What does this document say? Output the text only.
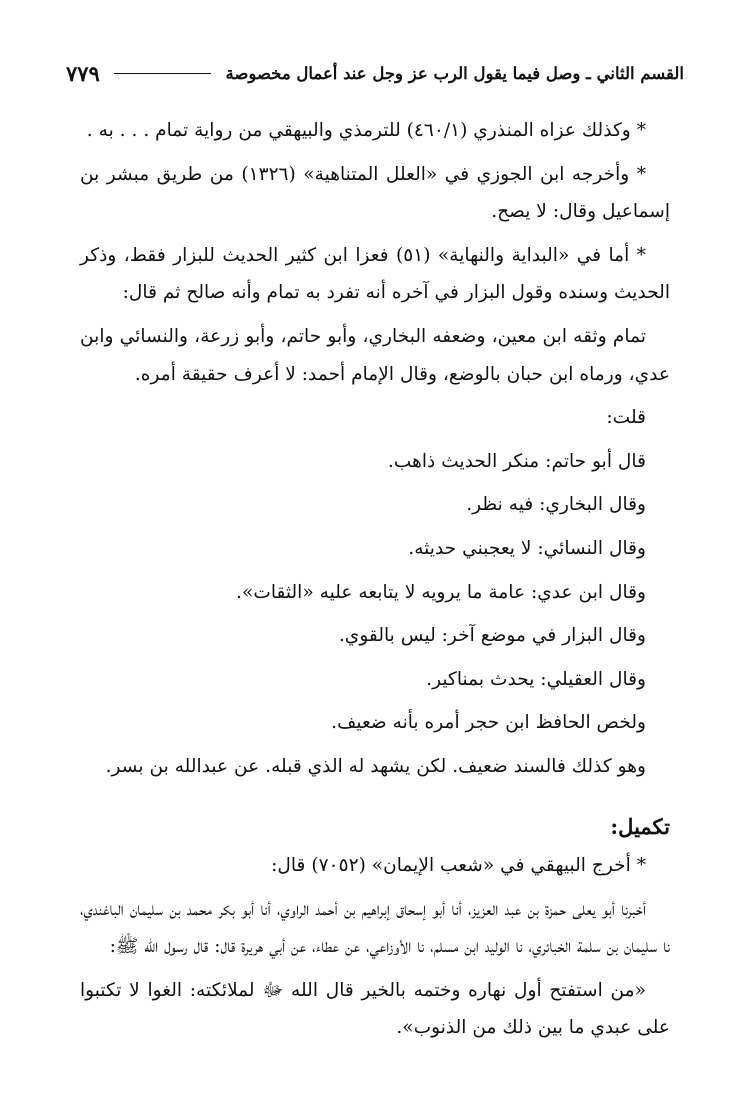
القسم الثاني ـ وصل فيما يقول الرب عز وجل عند أعمال مخصوصة
٧٧٩

* وكذلك عزاه المنذري (٤٦٠/١) للترمذي والبيهقي من رواية تمام . . . به .

* وأخرجه ابن الجوزي في «العلل المتناهية» (١٣٢٦) من طريق مبشر بن إسماعيل وقال: لا يصح.

* أما في «البداية والنهاية» (٥١) فعزا ابن كثير الحديث للبزار فقط، وذكر الحديث وسنده وقول البزار في آخره أنه تفرد به تمام وأنه صالح ثم قال:

تمام وثقه ابن معين، وضعفه البخاري، وأبو حاتم، وأبو زرعة، والنسائي وابن عدي، ورماه ابن حبان بالوضع، وقال الإمام أحمد: لا أعرف حقيقة أمره.

قلت:

قال أبو حاتم: منكر الحديث ذاهب.

وقال البخاري: فيه نظر.

وقال النسائي: لا يعجبني حديثه.

وقال ابن عدي: عامة ما يرويه لا يتابعه عليه «الثقات».

وقال البزار في موضع آخر: ليس بالقوي.

وقال العقيلي: يحدث بمناكير.

ولخص الحافظ ابن حجر أمره بأنه ضعيف.

وهو كذلك فالسند ضعيف. لكن يشهد له الذي قبله. عن عبدالله بن بسر.

تكميل:

* أخرج البيهقي في «شعب الإيمان» (٧٠٥٢) قال:

أخبرنا أبو يعلى حمزة بن عبد العزيز، أنا أبو إسحاق إبراهيم بن أحمد الراوي، أنا أبو بكر محمد بن سليمان الباغندي، نا سليمان بن سلمة الخبائري، نا الوليد ابن مسلم، نا الأوزاعي، عن عطاء، عن أبي هريرة قال: قال رسول الله ﷺ:

«من استفتح أول نهاره وختمه بالخير قال الله ﷻ لملائكته: الغوا لا تكتبوا على عبدي ما بين ذلك من الذنوب».
